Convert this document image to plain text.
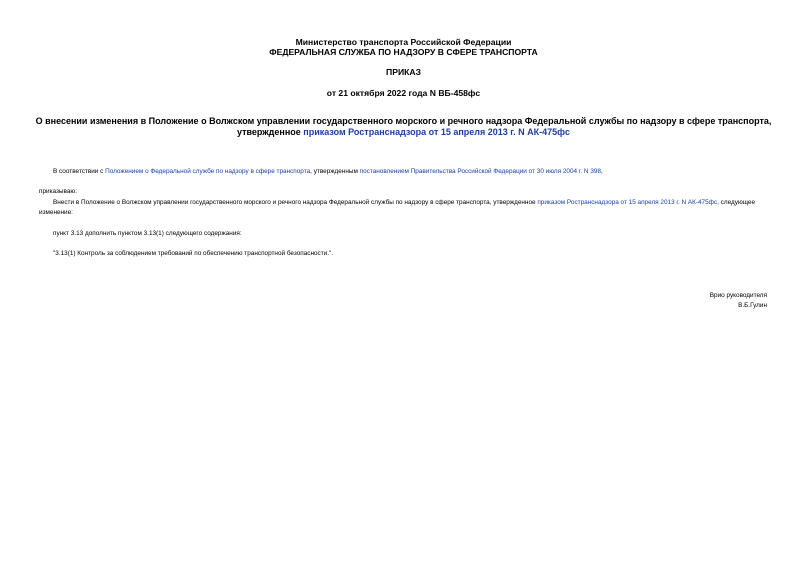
Министерство транспорта Российской Федерации
ФЕДЕРАЛЬНАЯ СЛУЖБА ПО НАДЗОРУ В СФЕРЕ ТРАНСПОРТА
ПРИКАЗ
от 21 октября 2022 года N ВБ-458фс
О внесении изменения в Положение о Волжском управлении государственного морского и речного надзора Федеральной службы по надзору в сфере транспорта,
утвержденное приказом Ространснадзора от 15 апреля 2013 г. N АК-475фс
В соответствии с Положением о Федеральной службе по надзору в сфере транспорта, утвержденным постановлением Правительства Российской Федерации от 30 июля 2004 г. N 398,
приказываю:
Внести в Положение о Волжском управлении государственного морского и речного надзора Федеральной службы по надзору в сфере транспорта, утвержденное приказом Ространснадзора от 15 апреля 2013 г. N АК-475фс, следующее изменение:
пункт 3.13 дополнить пунктом 3.13(1) следующего содержания:
"3.13(1) Контроль за соблюдением требований по обеспечению транспортной безопасности.".
Врио руководителя
В.Б.Гулин
